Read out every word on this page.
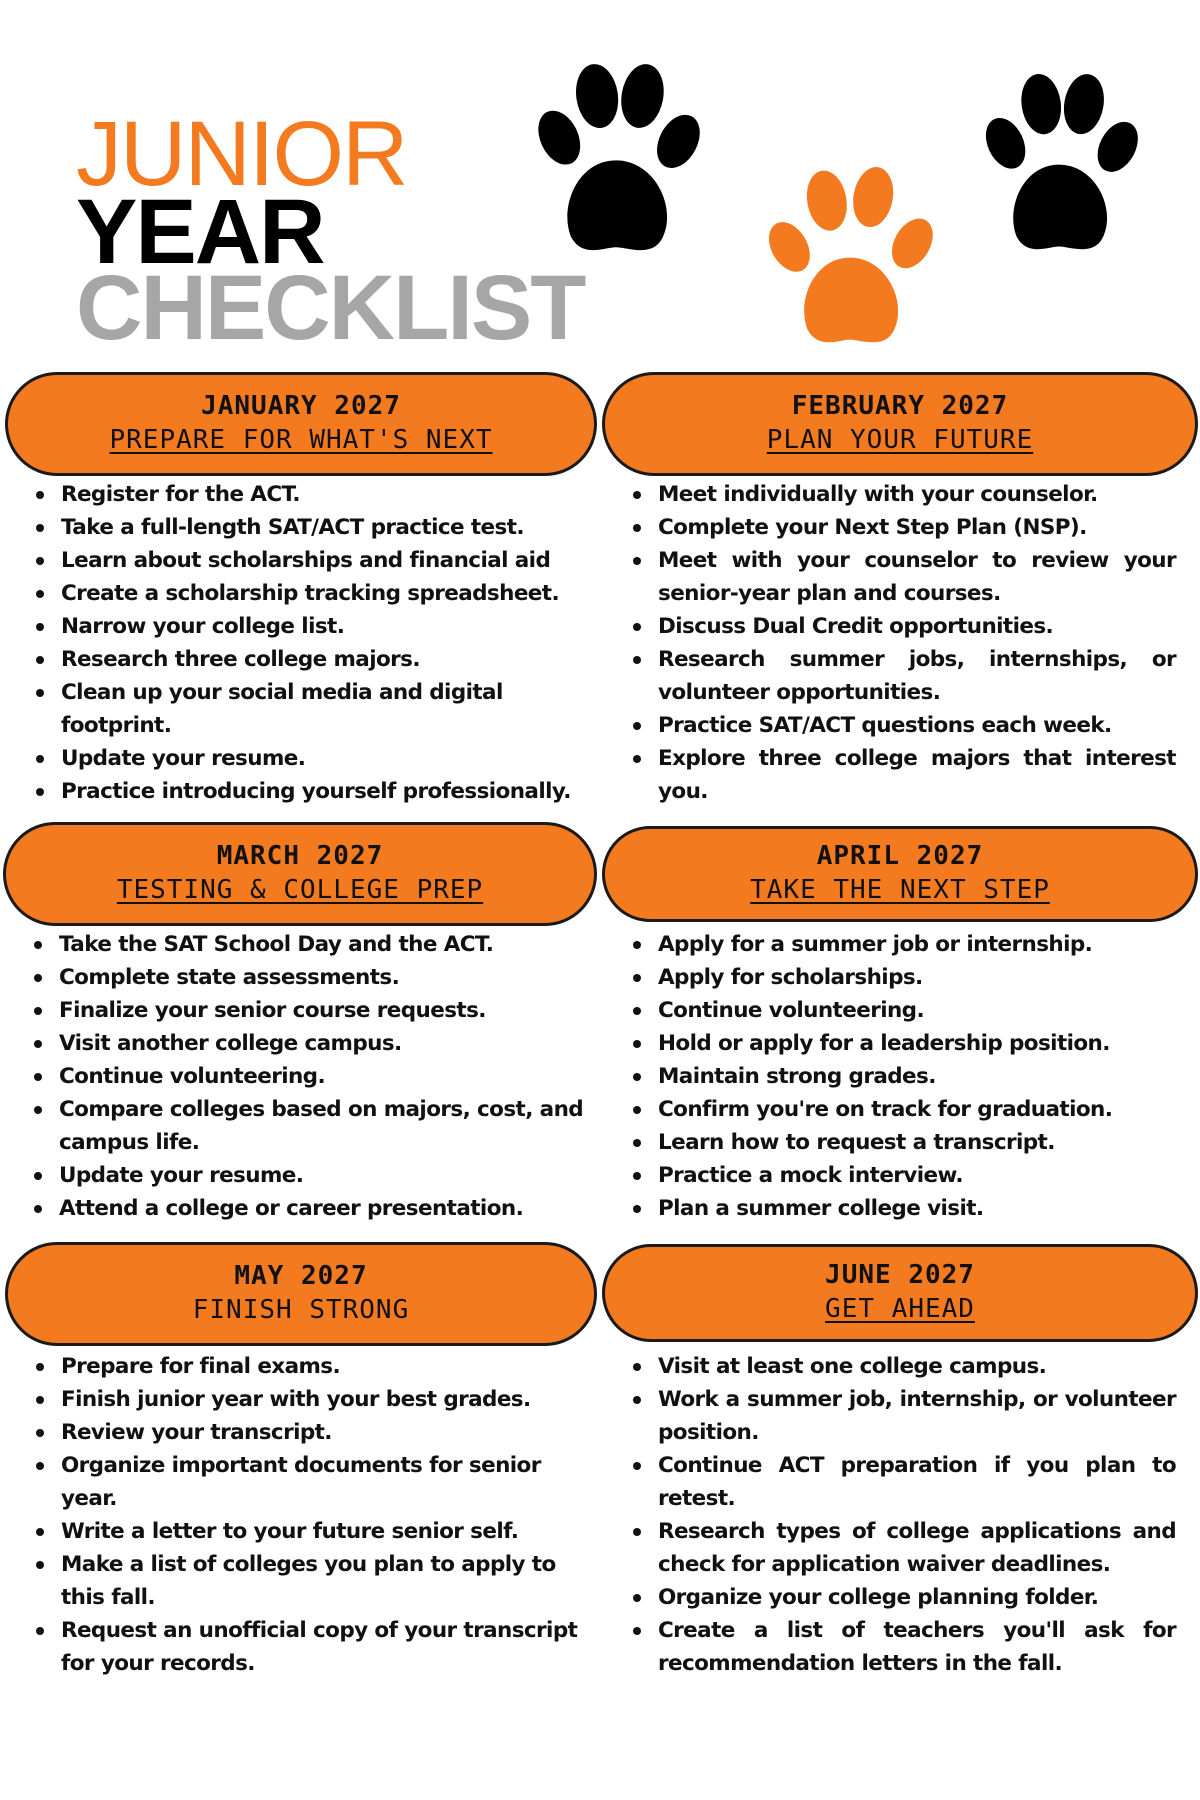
JUNIOR
YEAR
CHECKLIST
JANUARY 2027
PREPARE FOR WHAT'S NEXT
Register for the ACT.
Take a full-length SAT/ACT practice test.
Learn about scholarships and financial aid
Create a scholarship tracking spreadsheet.
Narrow your college list.
Research three college majors.
Clean up your social media and digital footprint.
Update your resume.
Practice introducing yourself professionally.
FEBRUARY 2027
PLAN YOUR FUTURE
Meet individually with your counselor.
Complete your Next Step Plan (NSP).
Meet with your counselor to review your senior-year plan and courses.
Discuss Dual Credit opportunities.
Research summer jobs, internships, or volunteer opportunities.
Practice SAT/ACT questions each week.
Explore three college majors that interest you.
MARCH 2027
TESTING & COLLEGE PREP
Take the SAT School Day and the ACT.
Complete state assessments.
Finalize your senior course requests.
Visit another college campus.
Continue volunteering.
Compare colleges based on majors, cost, and campus life.
Update your resume.
Attend a college or career presentation.
APRIL 2027
TAKE THE NEXT STEP
Apply for a summer job or internship.
Apply for scholarships.
Continue volunteering.
Hold or apply for a leadership position.
Maintain strong grades.
Confirm you're on track for graduation.
Learn how to request a transcript.
Practice a mock interview.
Plan a summer college visit.
MAY 2027
FINISH STRONG
Prepare for final exams.
Finish junior year with your best grades.
Review your transcript.
Organize important documents for senior year.
Write a letter to your future senior self.
Make a list of colleges you plan to apply to this fall.
Request an unofficial copy of your transcript for your records.
JUNE 2027
GET AHEAD
Visit at least one college campus.
Work a summer job, internship, or volunteer position.
Continue ACT preparation if you plan to retest.
Research types of college applications and check for application waiver deadlines.
Organize your college planning folder.
Create a list of teachers you'll ask for recommendation letters in the fall.
